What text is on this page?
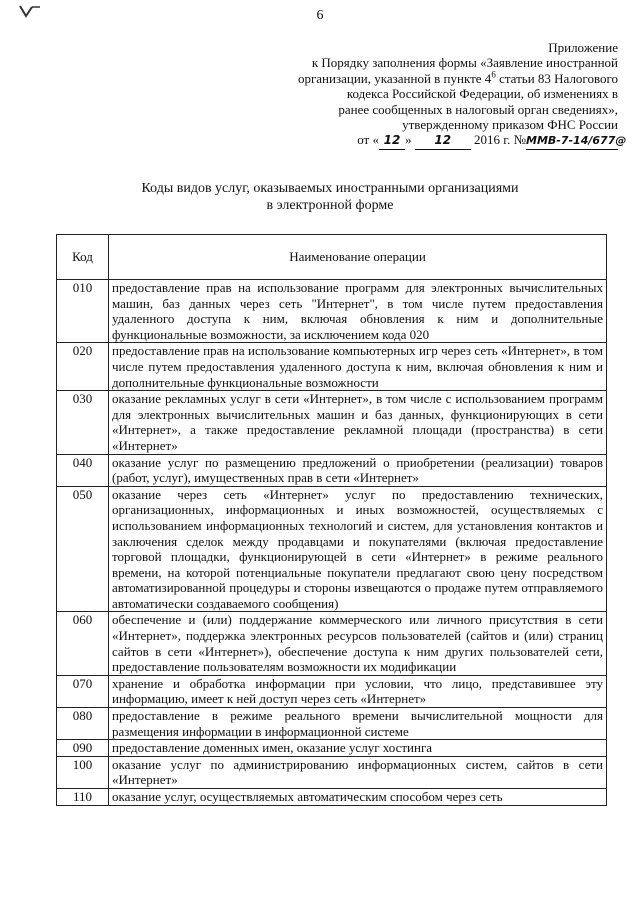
6
Приложение
к Порядку заполнения формы «Заявление иностранной
организации, указанной в пункте $4^6$ статьи 83 Налогового
кодекса Российской Федерации, об изменениях в
ранее сообщенных в налоговый орган сведениях»,
утвержденному приказом ФНС России
от « 12 » 12 2016 г. №ММВ-7-14/677@
Коды видов услуг, оказываемых иностранными организациями
в электронной форме
Код	Наименование операции
010	предоставление прав на использование программ для электронных вычислительных машин, баз данных через сеть "Интернет", в том числе путем предоставления удаленного доступа к ним, включая обновления к ним и дополнительные функциональные возможности, за исключением кода 020
020	предоставление прав на использование компьютерных игр через сеть «Интернет», в том числе путем предоставления удаленного доступа к ним, включая обновления к ним и дополнительные функциональные возможности
030	оказание рекламных услуг в сети «Интернет», в том числе с использованием программ для электронных вычислительных машин и баз данных, функционирующих в сети «Интернет», а также предоставление рекламной площади (пространства) в сети «Интернет»
040	оказание услуг по размещению предложений о приобретении (реализации) товаров (работ, услуг), имущественных прав в сети «Интернет»
050	оказание через сеть «Интернет» услуг по предоставлению технических, организационных, информационных и иных возможностей, осуществляемых с использованием информационных технологий и систем, для установления контактов и заключения сделок между продавцами и покупателями (включая предоставление торговой площадки, функционирующей в сети «Интернет» в режиме реального времени, на которой потенциальные покупатели предлагают свою цену посредством автоматизированной процедуры и стороны извещаются о продаже путем отправляемого автоматически создаваемого сообщения)
060	обеспечение и (или) поддержание коммерческого или личного присутствия в сети «Интернет», поддержка электронных ресурсов пользователей (сайтов и (или) страниц сайтов в сети «Интернет»), обеспечение доступа к ним других пользователей сети, предоставление пользователям возможности их модификации
070	хранение и обработка информации при условии, что лицо, представившее эту информацию, имеет к ней доступ через сеть «Интернет»
080	предоставление в режиме реального времени вычислительной мощности для размещения информации в информационной системе
090	предоставление доменных имен, оказание услуг хостинга
100	оказание услуг по администрированию информационных систем, сайтов в сети «Интернет»
110	оказание услуг, осуществляемых автоматическим способом через сеть
